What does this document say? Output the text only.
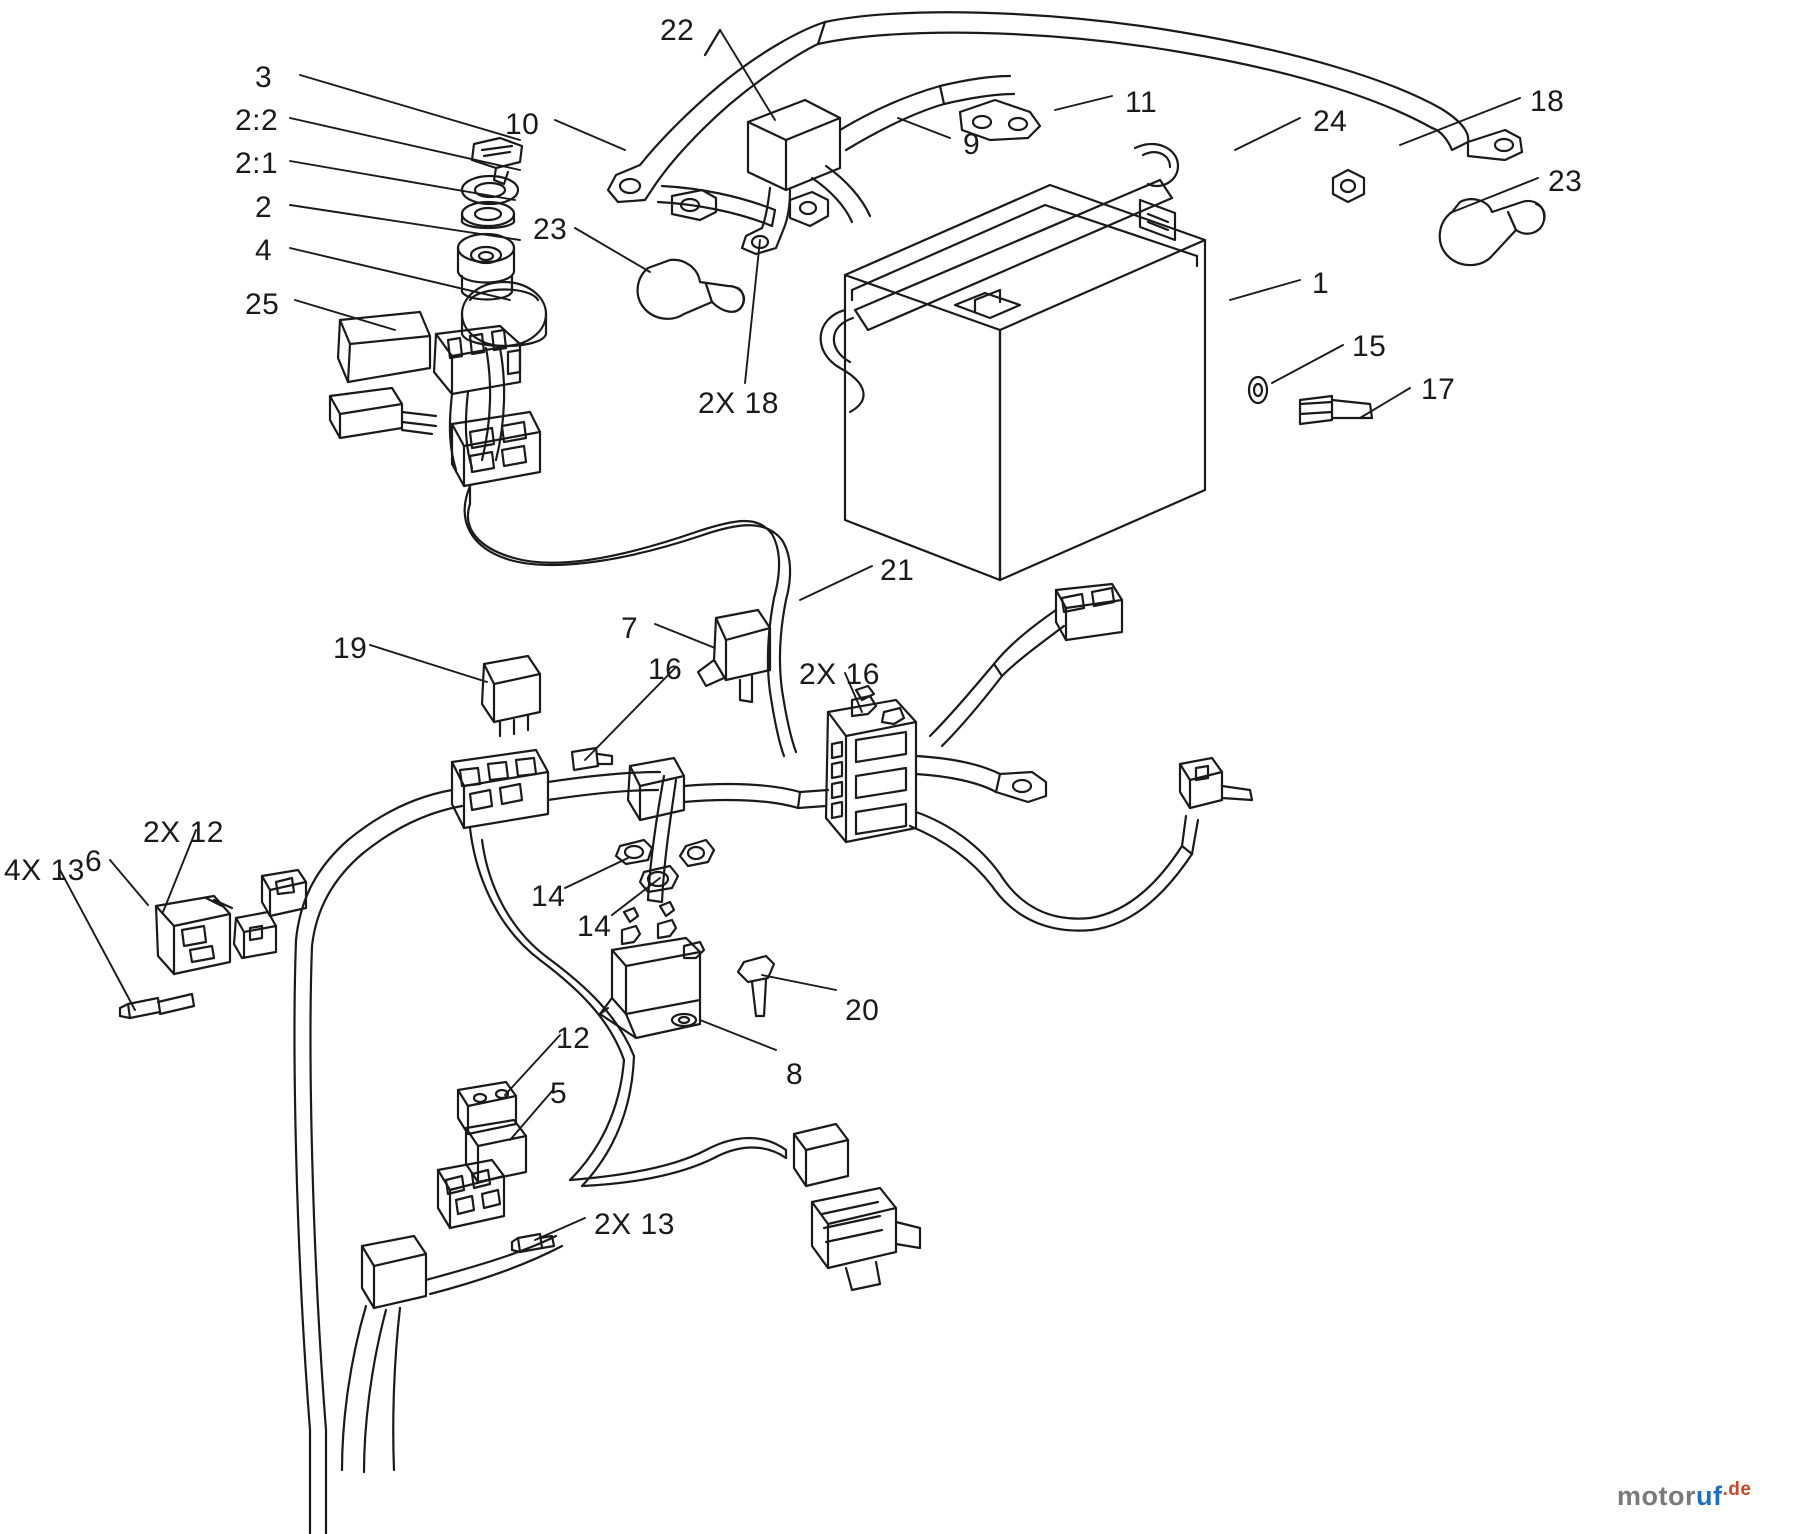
22
11
24
18
3
10
2:2
9
23
2:1
2
23
4
1
25
15
17
2X 18
21
7
19
16	2X 16
2X 12
4X 13 6
14
14
20
8
12
5
2X 13
motoruf$^{.de}$
